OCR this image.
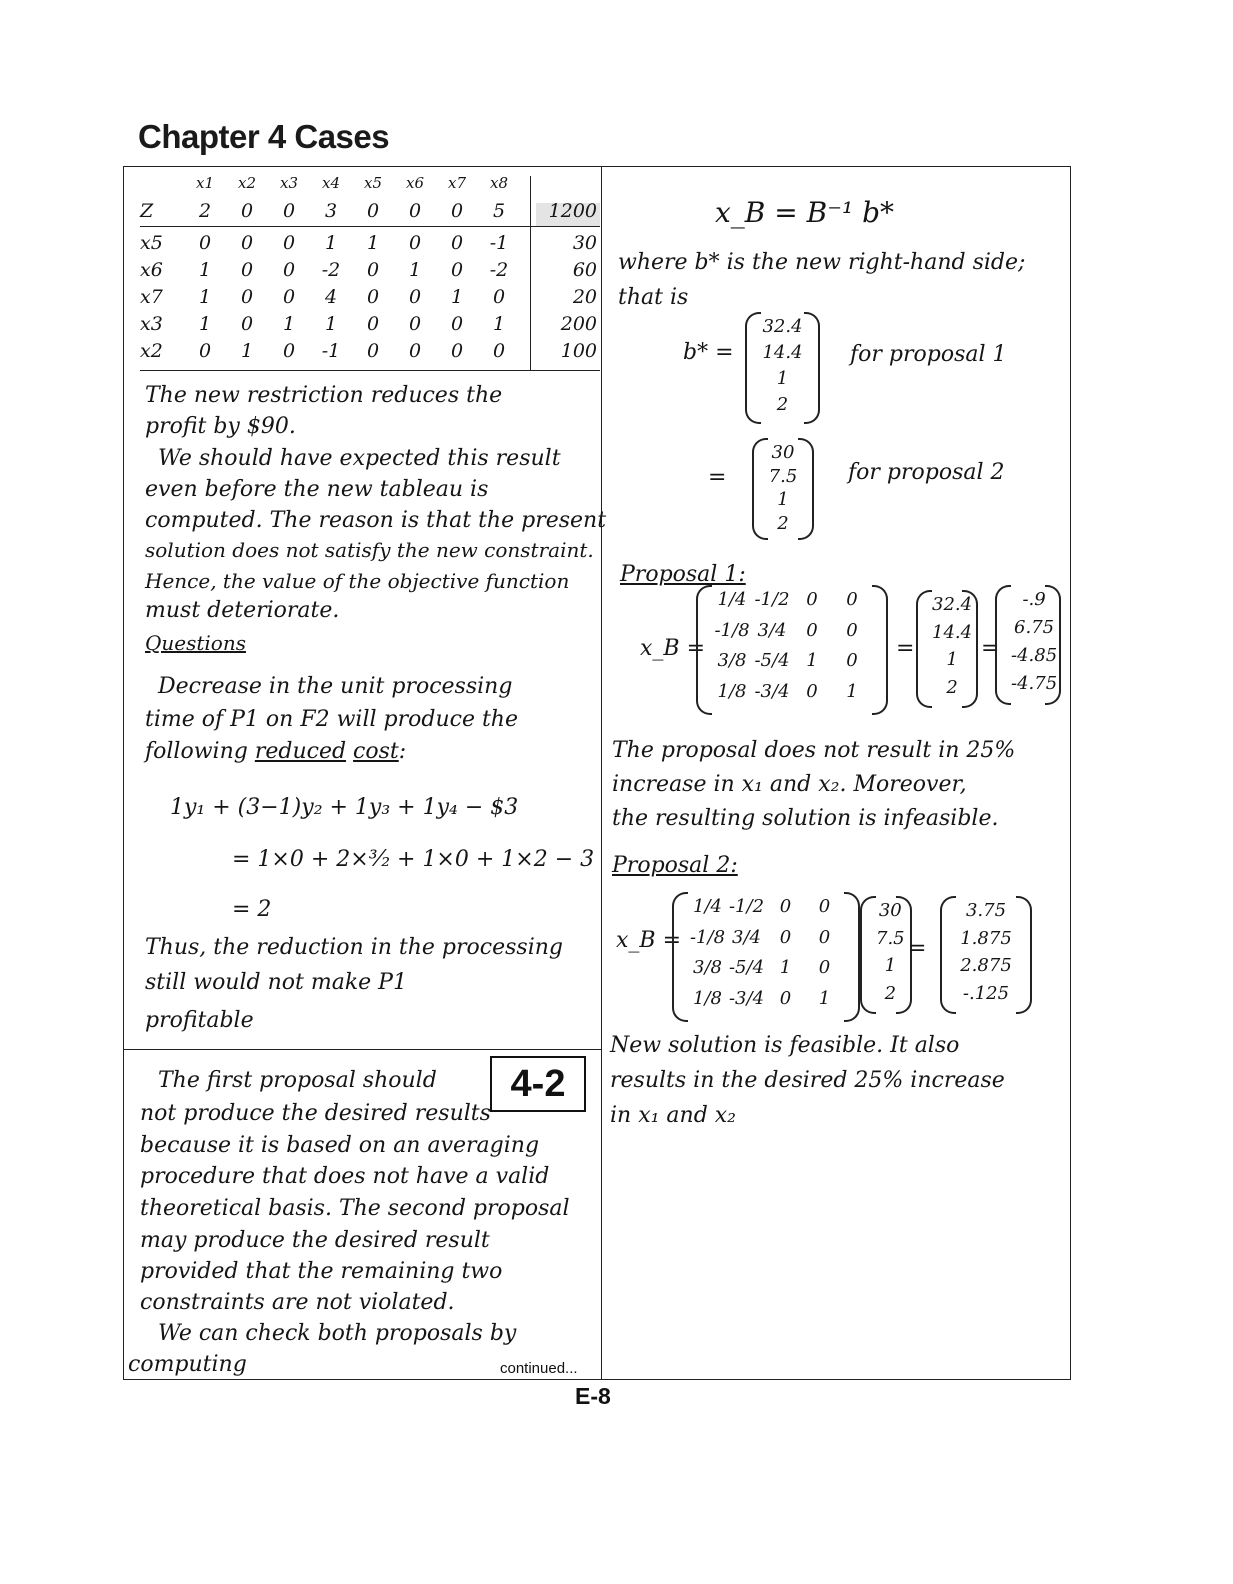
Chapter 4 Cases
x1	x2	x3	x4	x5	x6	x7	x8
Z	2	0	0	3	0	0	0	5	1200
x5	0	0	0	1	1	0	0	-1	30
x6	1	0	0	-2	0	1	0	-2	60
x7	1	0	0	4	0	0	1	0	20
x3	1	0	1	1	0	0	0	1	200
x2	0	1	0	-1	0	0	0	0	100
The new restriction reduces the
profit by $90.
We should have expected this result
even before the new tableau is
computed. The reason is that the present
solution does not satisfy the new constraint.
Hence, the value of the objective function
must deteriorate.
Questions
Decrease in the unit processing
time of P1 on F2 will produce the
following reduced cost:
1y₁ + (3−1)y₂ + 1y₃ + 1y₄ − $3
= 1×0 + 2×³⁄₂ + 1×0 + 1×2 − 3
= 2
Thus, the reduction in the processing
still would not make P1
profitable
4-2
The first proposal should
not produce the desired results
because it is based on an averaging
procedure that does not have a valid
theoretical basis. The second proposal
may produce the desired result
provided that the remaining two
constraints are not violated.
We can check both proposals by
computing	continued...
E-8
x_B = B⁻¹ b*
where b* is the new right-hand side;
that is
b* =
32.4
14.4
1
2
for proposal 1
=
30
7.5
1
2
for proposal 2
Proposal 1:
x_B =
1/4 -1/2 0	0
-1/8 3/4	0	0
3/8 -5/4 1	0
1/8 -3/4 0	1
32.4
14.4
1
2
=	=
-.9
6.75
-4.85
-4.75
The proposal does not result in 25%
increase in x₁ and x₂. Moreover,
the resulting solution is infeasible.
Proposal 2:
x_B =
1/4 -1/2 0	0
-1/8 3/4	0	0
3/8 -5/4 1	0
1/8 -3/4 0	1
30
7.5
1
2
=
3.75
1.875
2.875
-.125
New solution is feasible. It also
results in the desired 25% increase
in x₁ and x₂
